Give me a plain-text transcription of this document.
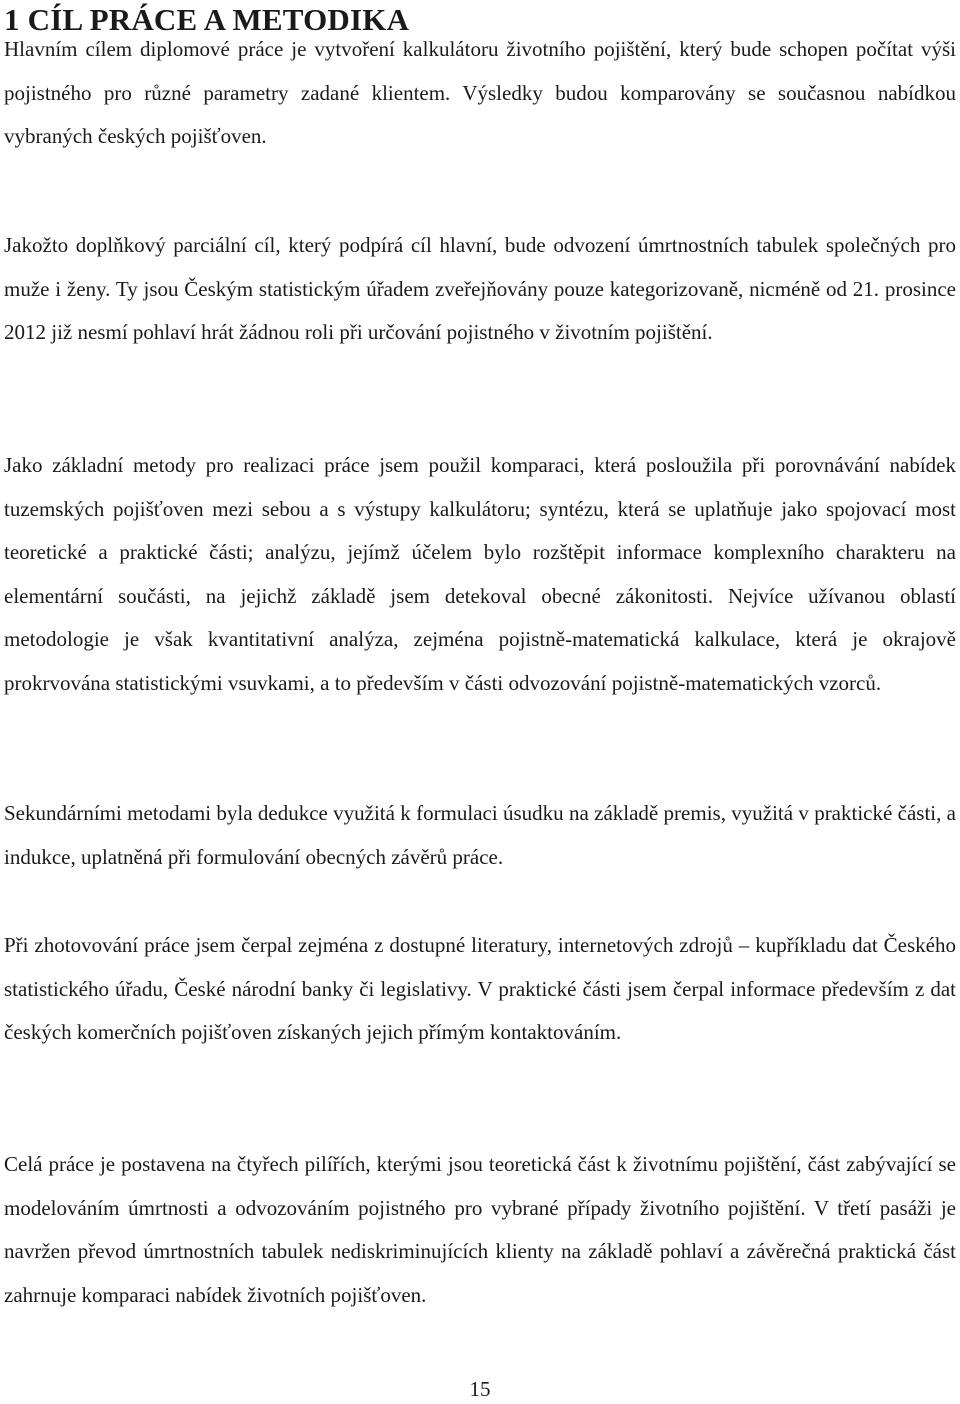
1 CÍL PRÁCE A METODIKA

Hlavním cílem diplomové práce je vytvoření kalkulátoru životního pojištění, který bude schopen počítat výši pojistného pro různé parametry zadané klientem. Výsledky budou komparovány se současnou nabídkou vybraných českých pojišťoven.

Jakožto doplňkový parciální cíl, který podpírá cíl hlavní, bude odvození úmrtnostních tabulek společných pro muže i ženy. Ty jsou Českým statistickým úřadem zveřejňovány pouze kategorizovaně, nicméně od 21. prosince 2012 již nesmí pohlaví hrát žádnou roli při určování pojistného v životním pojištění.

Jako základní metody pro realizaci práce jsem použil komparaci, která posloužila při porovnávání nabídek tuzemských pojišťoven mezi sebou a s výstupy kalkulátoru; syntézu, která se uplatňuje jako spojovací most teoretické a praktické části; analýzu, jejímž účelem bylo rozštěpit informace komplexního charakteru na elementární součásti, na jejichž základě jsem detekoval obecné zákonitosti. Nejvíce užívanou oblastí metodologie je však kvantitativní analýza, zejména pojistně-matematická kalkulace, která je okrajově prokrvována statistickými vsuvkami, a to především v části odvozování pojistně-matematických vzorců.

Sekundárními metodami byla dedukce využitá k formulaci úsudku na základě premis, využitá v praktické části, a indukce, uplatněná při formulování obecných závěrů práce.

Při zhotovování práce jsem čerpal zejména z dostupné literatury, internetových zdrojů – kupříkladu dat Českého statistického úřadu, České národní banky či legislativy. V praktické části jsem čerpal informace především z dat českých komerčních pojišťoven získaných jejich přímým kontaktováním.

Celá práce je postavena na čtyřech pilířích, kterými jsou teoretická část k životnímu pojištění, část zabývající se modelováním úmrtnosti a odvozováním pojistného pro vybrané případy životního pojištění. V třetí pasáži je navržen převod úmrtnostních tabulek nediskriminujících klienty na základě pohlaví a závěrečná praktická část zahrnuje komparaci nabídek životních pojišťoven.

15
